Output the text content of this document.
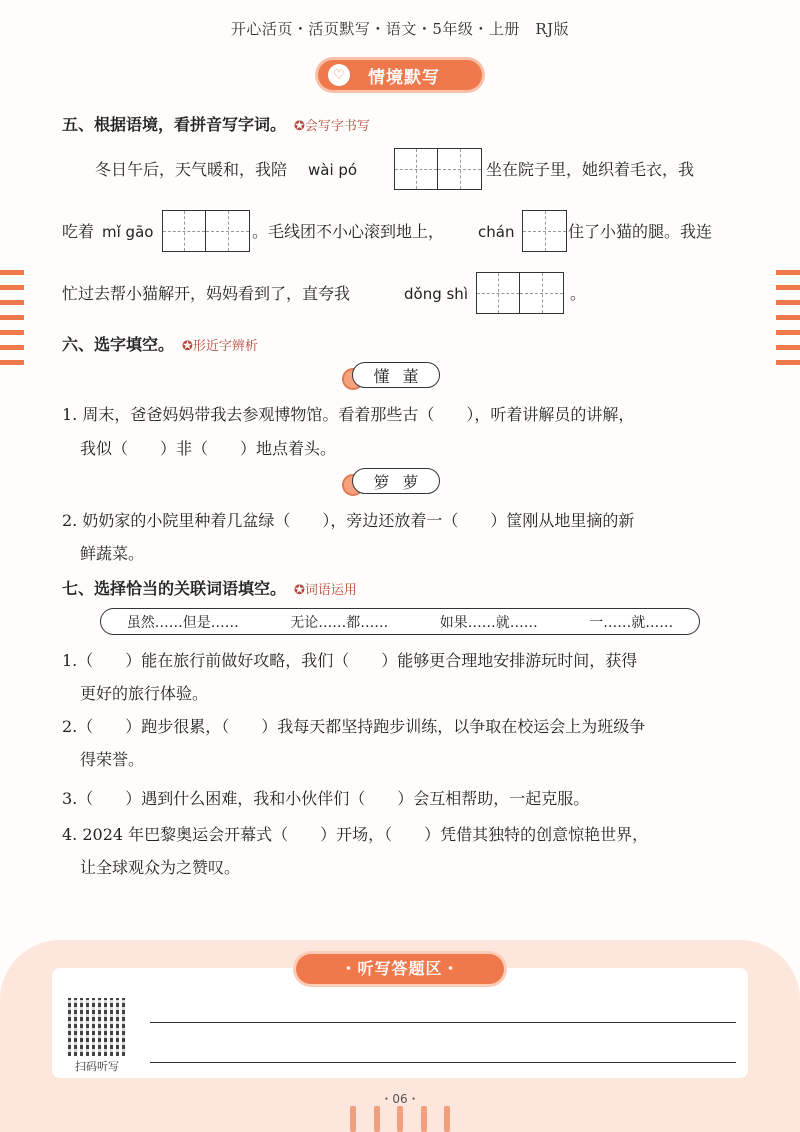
开心活页・活页默写・语文・5年级・上册　RJ版
♡	情境默写
五、根据语境，看拼音写字词。 ✪会写字书写
冬日午后，天气暖和，我陪 wài pó	坐在院子里，她织着毛衣，我
吃着 mǐ gāo	。毛线团不小心滚到地上， chán	住了小猫的腿。我连
忙过去帮小猫解开，妈妈看到了，直夸我	dǒng shì	。
六、选字填空。 ✪形近字辨析
懂 董
1. 周末，爸爸妈妈带我去参观博物馆。看着那些古（　　），听着讲解员的讲解，
我似（　　）非（　　）地点着头。
箩 萝
2. 奶奶家的小院里种着几盆绿（　　），旁边还放着一（　　）筐刚从地里摘的新
鲜蔬菜。
七、选择恰当的关联词语填空。 ✪词语运用
虽然……但是……	无论……都……	如果……就……	一……就……
1.（　　）能在旅行前做好攻略，我们（　　）能够更合理地安排游玩时间，获得
更好的旅行体验。
2.（　　）跑步很累，（　　）我每天都坚持跑步训练，以争取在校运会上为班级争
得荣誉。
3.（　　）遇到什么困难，我和小伙伴们（　　）会互相帮助，一起克服。
4. 2024 年巴黎奥运会开幕式（　　）开场，（　　）凭借其独特的创意惊艳世界，
让全球观众为之赞叹。
・听写答题区・
扫码听写
・06・
